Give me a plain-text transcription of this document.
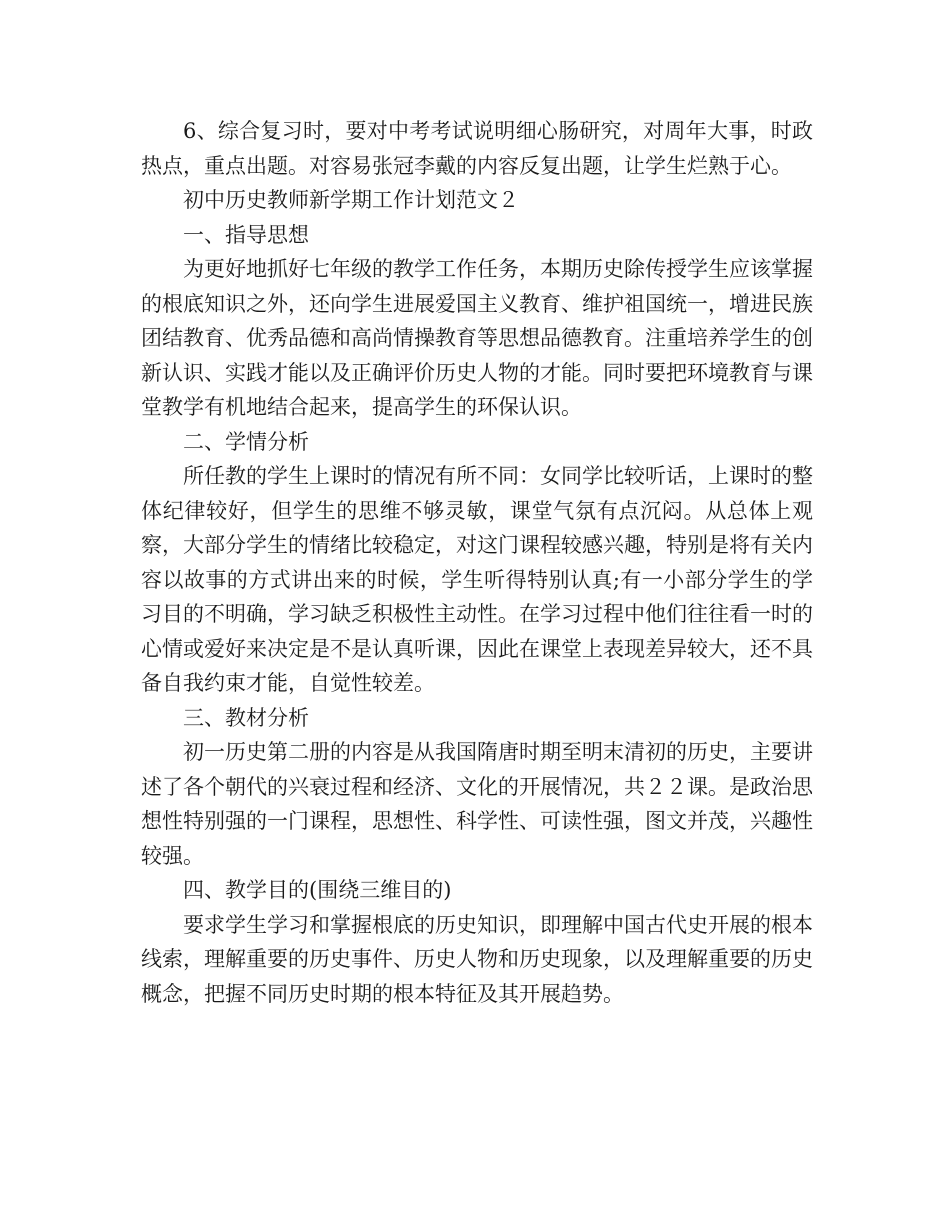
6、综合复习时，要对中考考试说明细心肠研究，对周年大事，时政热点，重点出题。对容易张冠李戴的内容反复出题，让学生烂熟于心。

初中历史教师新学期工作计划范文２

一、指导思想

为更好地抓好七年级的教学工作任务，本期历史除传授学生应该掌握的根底知识之外，还向学生进展爱国主义教育、维护祖国统一，增进民族团结教育、优秀品德和高尚情操教育等思想品德教育。注重培养学生的创新认识、实践才能以及正确评价历史人物的才能。同时要把环境教育与课堂教学有机地结合起来，提高学生的环保认识。

二、学情分析

所任教的学生上课时的情况有所不同：女同学比较听话，上课时的整体纪律较好，但学生的思维不够灵敏，课堂气氛有点沉闷。从总体上观察，大部分学生的情绪比较稳定，对这门课程较感兴趣，特别是将有关内容以故事的方式讲出来的时候，学生听得特别认真;有一小部分学生的学习目的不明确，学习缺乏积极性主动性。在学习过程中他们往往看一时的心情或爱好来决定是不是认真听课，因此在课堂上表现差异较大，还不具备自我约束才能，自觉性较差。

三、教材分析

初一历史第二册的内容是从我国隋唐时期至明末清初的历史，主要讲述了各个朝代的兴衰过程和经济、文化的开展情况，共２２课。是政治思想性特别强的一门课程，思想性、科学性、可读性强，图文并茂，兴趣性较强。

四、教学目的(围绕三维目的)

要求学生学习和掌握根底的历史知识，即理解中国古代史开展的根本线索，理解重要的历史事件、历史人物和历史现象，以及理解重要的历史概念，把握不同历史时期的根本特征及其开展趋势。
